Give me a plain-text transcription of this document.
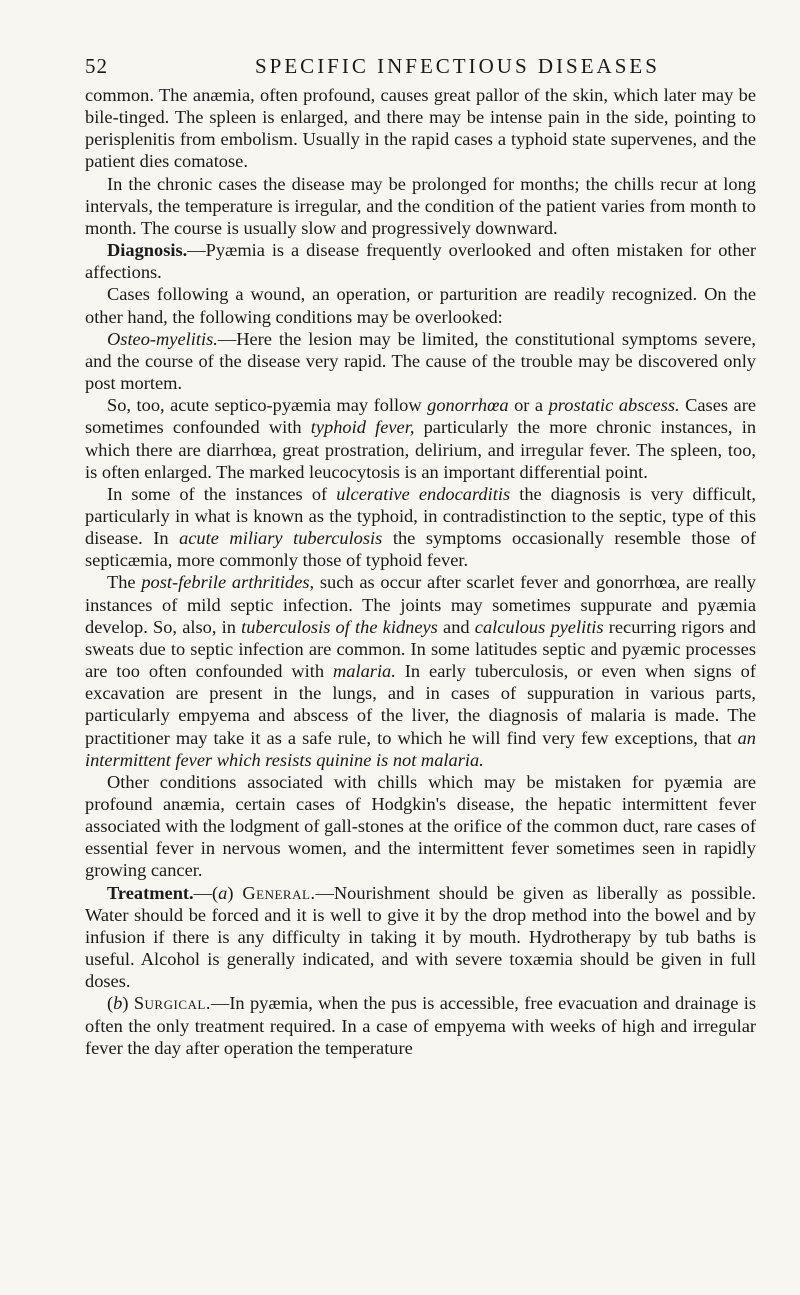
52	SPECIFIC INFECTIOUS DISEASES

common. The anæmia, often profound, causes great pallor of the skin, which later may be bile-tinged. The spleen is enlarged, and there may be intense pain in the side, pointing to perisplenitis from embolism. Usually in the rapid cases a typhoid state supervenes, and the patient dies comatose.

In the chronic cases the disease may be prolonged for months; the chills recur at long intervals, the temperature is irregular, and the condition of the patient varies from month to month. The course is usually slow and progressively downward.

Diagnosis.—Pyæmia is a disease frequently overlooked and often mistaken for other affections.

Cases following a wound, an operation, or parturition are readily recognized. On the other hand, the following conditions may be overlooked:

Osteo-myelitis.—Here the lesion may be limited, the constitutional symptoms severe, and the course of the disease very rapid. The cause of the trouble may be discovered only post mortem.

So, too, acute septico-pyæmia may follow gonorrhœa or a prostatic abscess. Cases are sometimes confounded with typhoid fever, particularly the more chronic instances, in which there are diarrhœa, great prostration, delirium, and irregular fever. The spleen, too, is often enlarged. The marked leucocytosis is an important differential point.

In some of the instances of ulcerative endocarditis the diagnosis is very difficult, particularly in what is known as the typhoid, in contradistinction to the septic, type of this disease. In acute miliary tuberculosis the symptoms occasionally resemble those of septicæmia, more commonly those of typhoid fever.

The post-febrile arthritides, such as occur after scarlet fever and gonorrhœa, are really instances of mild septic infection. The joints may sometimes suppurate and pyæmia develop. So, also, in tuberculosis of the kidneys and calculous pyelitis recurring rigors and sweats due to septic infection are common. In some latitudes septic and pyæmic processes are too often confounded with malaria. In early tuberculosis, or even when signs of excavation are present in the lungs, and in cases of suppuration in various parts, particularly empyema and abscess of the liver, the diagnosis of malaria is made. The practitioner may take it as a safe rule, to which he will find very few exceptions, that an intermittent fever which resists quinine is not malaria.

Other conditions associated with chills which may be mistaken for pyæmia are profound anæmia, certain cases of Hodgkin's disease, the hepatic intermittent fever associated with the lodgment of gall-stones at the orifice of the common duct, rare cases of essential fever in nervous women, and the intermittent fever sometimes seen in rapidly growing cancer.

Treatment.—(a) General.—Nourishment should be given as liberally as possible. Water should be forced and it is well to give it by the drop method into the bowel and by infusion if there is any difficulty in taking it by mouth. Hydrotherapy by tub baths is useful. Alcohol is generally indicated, and with severe toxæmia should be given in full doses.

(b) Surgical.—In pyæmia, when the pus is accessible, free evacuation and drainage is often the only treatment required. In a case of empyema with weeks of high and irregular fever the day after operation the temperature
